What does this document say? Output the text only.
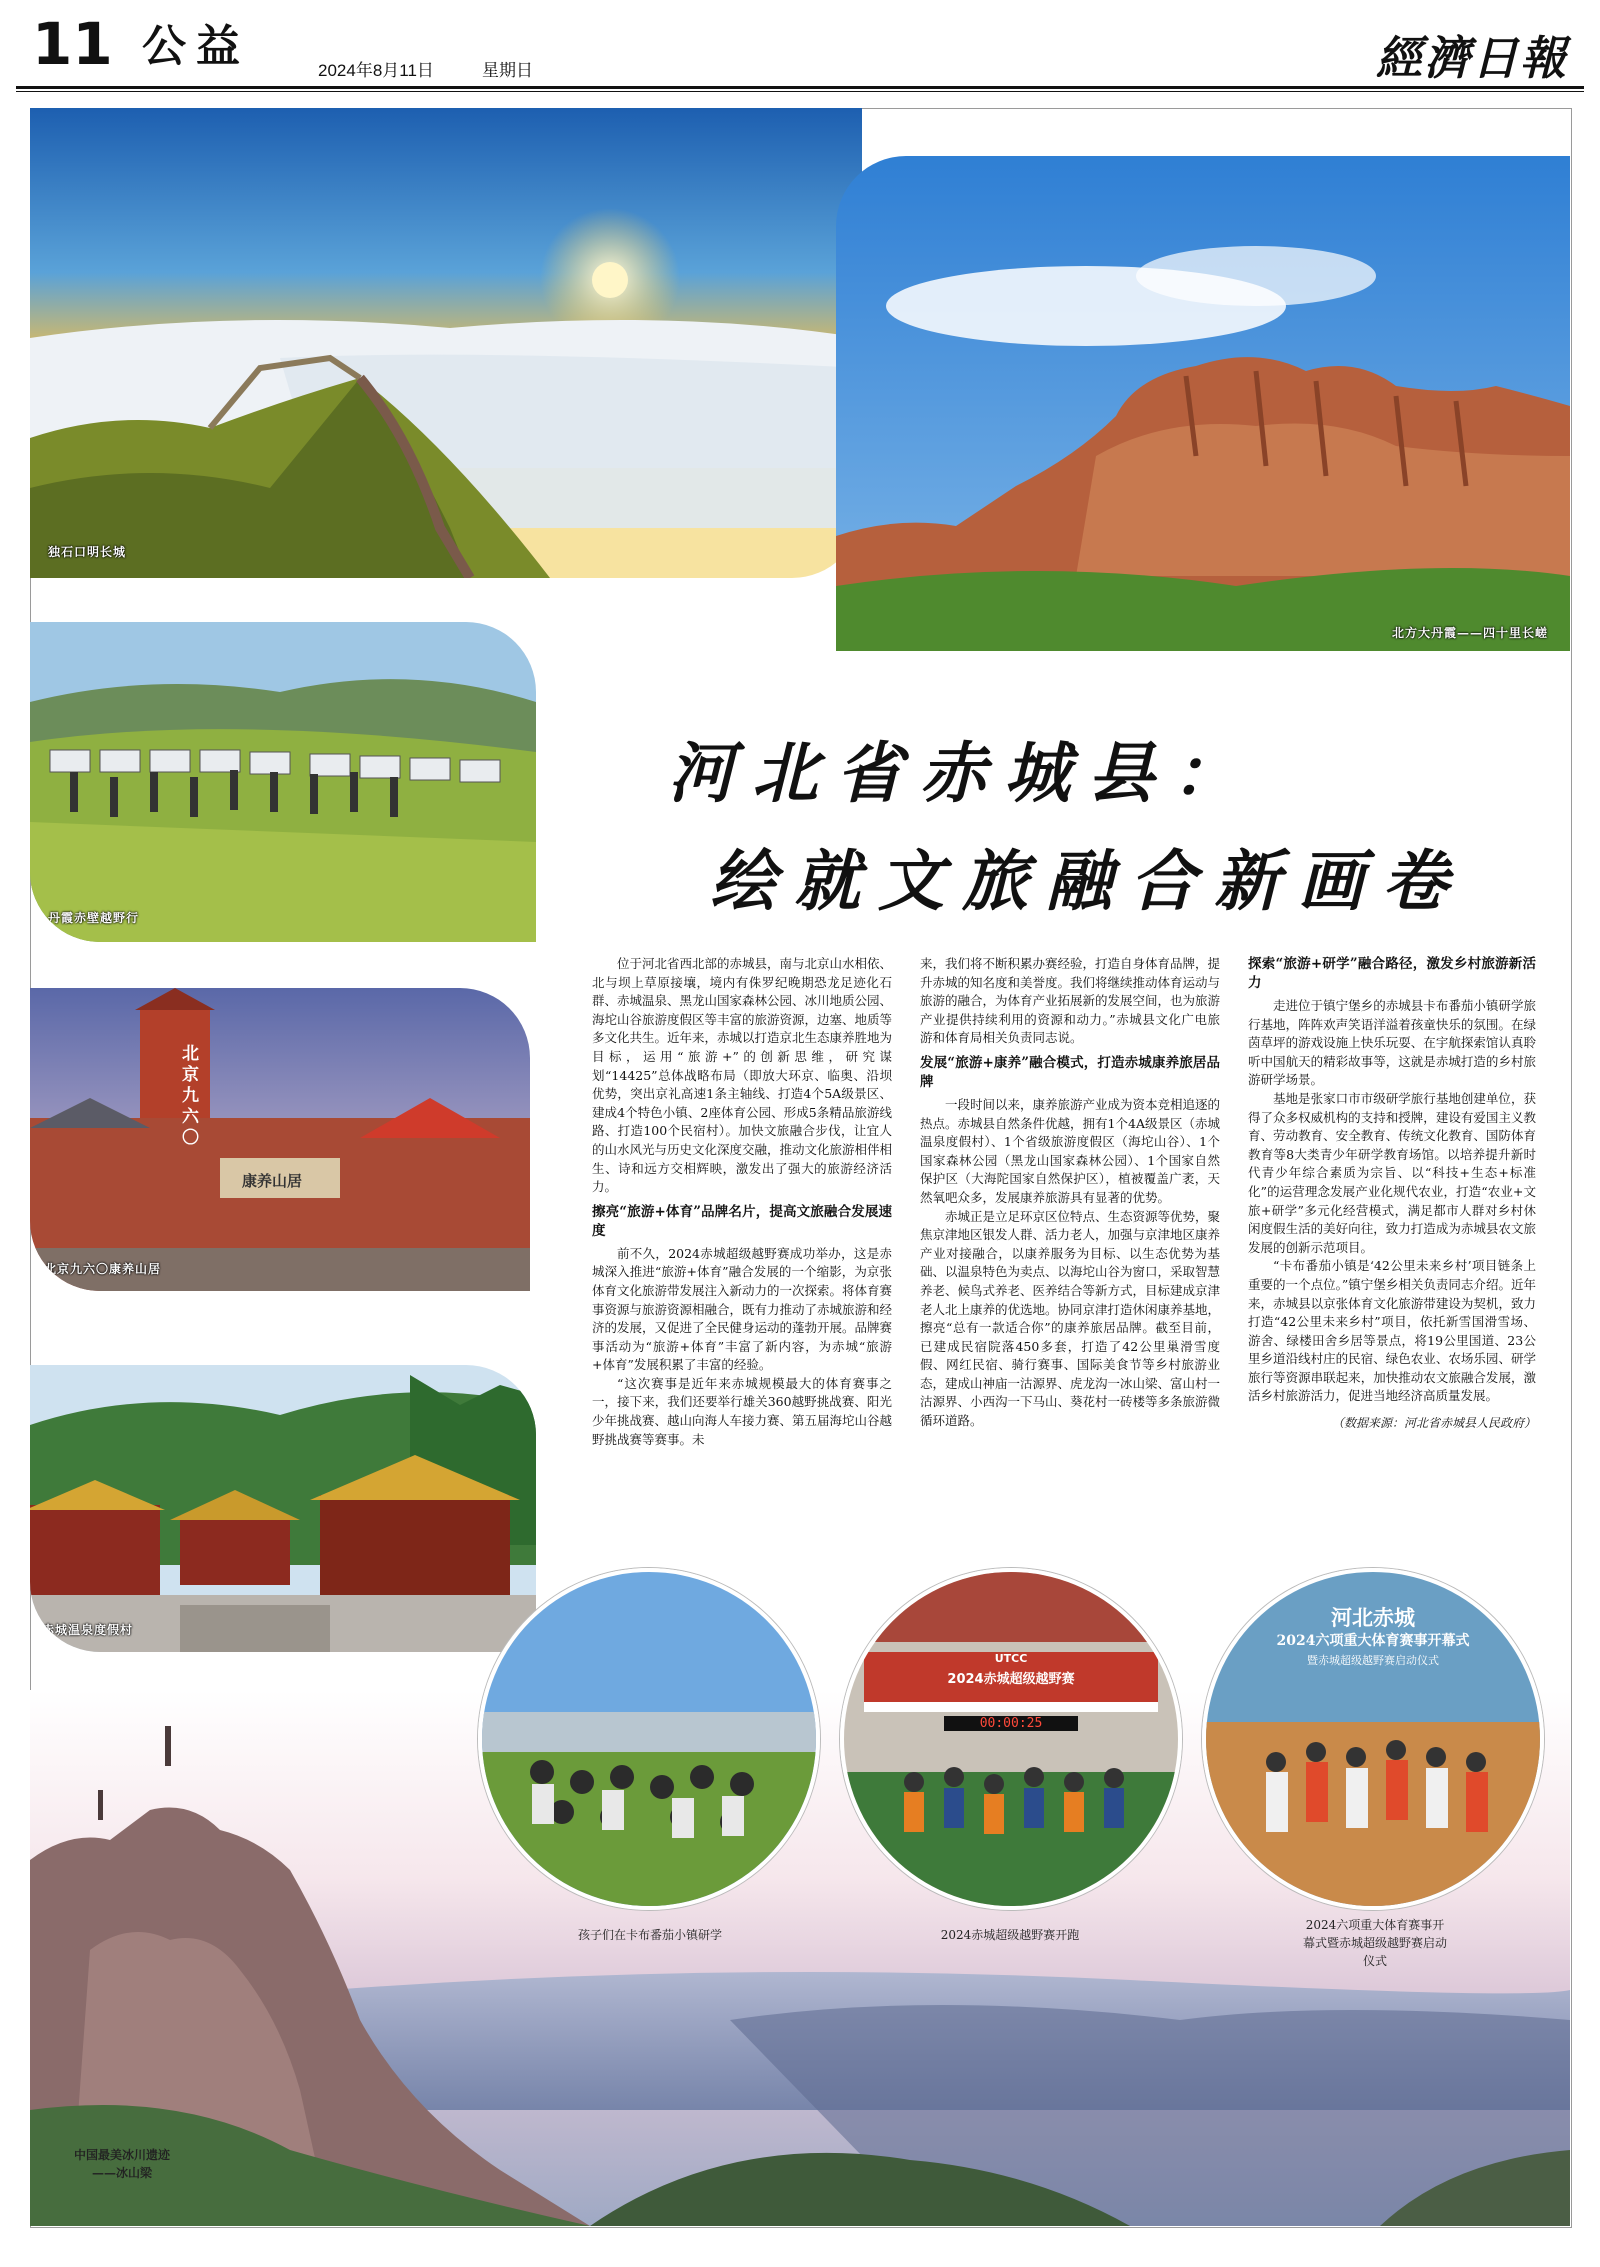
11 公益	2024年8月11日	星期日	經濟日報
独石口明长城
北方大丹霞——四十里长嵯
丹霞赤壁越野行
北京九六〇
康养山居
北京九六〇康养山居
赤城温泉度假村
河北省赤城县：
绘就文旅融合新画卷

位于河北省西北部的赤城县，南与北京山水相依、北与坝上草原接壤，境内有侏罗纪晚期恐龙足迹化石群、赤城温泉、黑龙山国家森林公园、冰川地质公园、海坨山谷旅游度假区等丰富的旅游资源，边塞、地质等多文化共生。近年来，赤城以打造京北生态康养胜地为目标，运用“旅游+”的创新思维，研究谋划“14425”总体战略布局（即放大环京、临奥、沿坝优势，突出京礼高速1条主轴线、打造4个5A级景区、建成4个特色小镇、2座体育公园、形成5条精品旅游线路、打造100个民宿村）。加快文旅融合步伐，让宜人的山水风光与历史文化深度交融，推动文化旅游相伴相生、诗和远方交相辉映，激发出了强大的旅游经济活力。

擦亮“旅游+体育”品牌名片，提高文旅融合发展速度

前不久，2024赤城超级越野赛成功举办，这是赤城深入推进“旅游+体育”融合发展的一个缩影，为京张体育文化旅游带发展注入新动力的一次探索。将体育赛事资源与旅游资源相融合，既有力推动了赤城旅游和经济的发展，又促进了全民健身运动的蓬勃开展。品牌赛事活动为“旅游+体育”丰富了新内容，为赤城“旅游+体育”发展积累了丰富的经验。

“这次赛事是近年来赤城规模最大的体育赛事之一，接下来，我们还要举行雄关360越野挑战赛、阳光少年挑战赛、越山向海人车接力赛、第五届海坨山谷越野挑战赛等赛事。未

来，我们将不断积累办赛经验，打造自身体育品牌，提升赤城的知名度和美誉度。我们将继续推动体育运动与旅游的融合，为体育产业拓展新的发展空间，也为旅游产业提供持续利用的资源和动力。”赤城县文化广电旅游和体育局相关负责同志说。

发展“旅游+康养”融合模式，打造赤城康养旅居品牌

一段时间以来，康养旅游产业成为资本竞相追逐的热点。赤城县自然条件优越，拥有1个4A级景区（赤城温泉度假村）、1个省级旅游度假区（海坨山谷）、1个国家森林公园（黑龙山国家森林公园）、1个国家自然保护区（大海陀国家自然保护区），植被覆盖广袤，天然氧吧众多，发展康养旅游具有显著的优势。

赤城正是立足环京区位特点、生态资源等优势，聚焦京津地区银发人群、活力老人，加强与京津地区康养产业对接融合，以康养服务为目标、以生态优势为基础、以温泉特色为卖点、以海坨山谷为窗口，采取智慧养老、候鸟式养老、医养结合等新方式，目标建成京津老人北上康养的优选地。协同京津打造休闲康养基地，擦亮“总有一款适合你”的康养旅居品牌。截至目前，已建成民宿院落450多套，打造了42公里巢滑雪度假、网红民宿、骑行赛事、国际美食节等乡村旅游业态，建成山神庙一沽源界、虎龙沟一冰山梁、富山村一沽源界、小西沟一下马山、葵花村一砖楼等多条旅游微循环道路。

探索“旅游+研学”融合路径，激发乡村旅游新活力

走进位于镇宁堡乡的赤城县卡布番茄小镇研学旅行基地，阵阵欢声笑语洋溢着孩童快乐的氛围。在绿茵草坪的游戏设施上快乐玩耍、在宇航探索馆认真聆听中国航天的精彩故事等，这就是赤城打造的乡村旅游研学场景。

基地是张家口市市级研学旅行基地创建单位，获得了众多权威机构的支持和授牌，建设有爱国主义教育、劳动教育、安全教育、传统文化教育、国防体育教育等8大类青少年研学教育场馆。以培养提升新时代青少年综合素质为宗旨、以“科技+生态+标准化”的运营理念发展产业化规代农业，打造“农业+文旅+研学”多元化经营模式，满足都市人群对乡村休闲度假生活的美好向往，致力打造成为赤城县农文旅发展的创新示范项目。

“卡布番茄小镇是‘42公里未来乡村’项目链条上重要的一个点位。”镇宁堡乡相关负责同志介绍。近年来，赤城县以京张体育文化旅游带建设为契机，致力打造“42公里未来乡村”项目，依托新雪国滑雪场、游舍、绿楼田舍乡居等景点，将19公里国道、23公里乡道沿线村庄的民宿、绿色农业、农场乐园、研学旅行等资源串联起来，加快推动农文旅融合发展，激活乡村旅游活力，促进当地经济高质量发展。

（数据来源：河北省赤城县人民政府）
2024赤城超级越野赛
UTCC
00:00:25
河北赤城
2024六项重大体育赛事开幕式
暨赤城超级越野赛启动仪式
孩子们在卡布番茄小镇研学	2024赤城超级越野赛开跑
2024六项重大体育赛事开幕式暨赤城超级越野赛启动仪式
中国最美冰川遗迹——冰山梁
